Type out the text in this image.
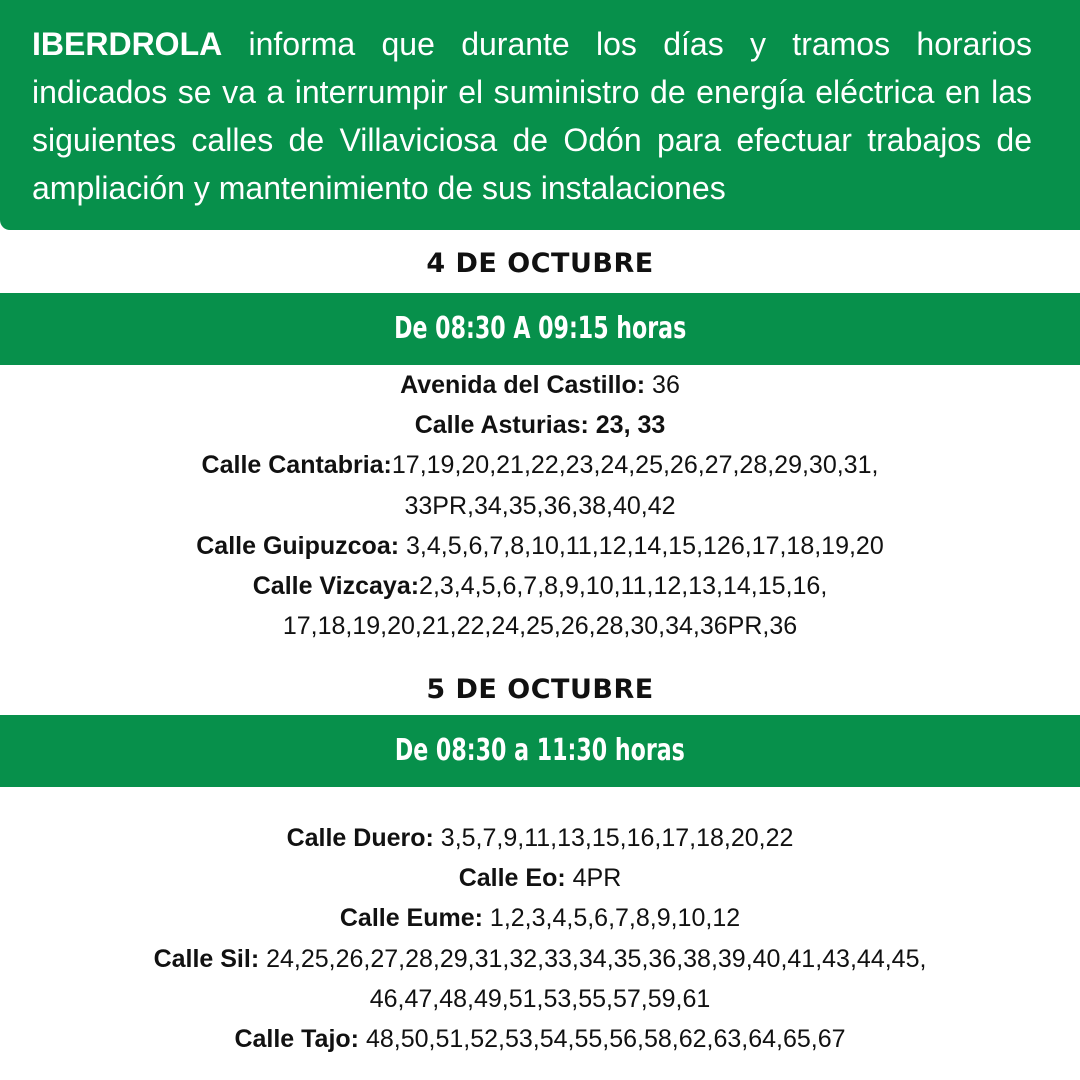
IBERDROLA informa que durante los días y tramos horarios indicados se va a interrumpir el suministro de energía eléctrica en las siguientes calles de Villaviciosa de Odón para efectuar trabajos de ampliación y mantenimiento de sus instalaciones

4 DE OCTUBRE
De 08:30 A 09:15 horas
Avenida del Castillo: 36
Calle Asturias: 23, 33
Calle Cantabria:17,19,20,21,22,23,24,25,26,27,28,29,30,31,
33PR,34,35,36,38,40,42
Calle Guipuzcoa: 3,4,5,6,7,8,10,11,12,14,15,126,17,18,19,20
Calle Vizcaya:2,3,4,5,6,7,8,9,10,11,12,13,14,15,16,
17,18,19,20,21,22,24,25,26,28,30,34,36PR,36
5 DE OCTUBRE
De 08:30 a 11:30 horas
Calle Duero: 3,5,7,9,11,13,15,16,17,18,20,22
Calle Eo: 4PR
Calle Eume: 1,2,3,4,5,6,7,8,9,10,12
Calle Sil: 24,25,26,27,28,29,31,32,33,34,35,36,38,39,40,41,43,44,45,
46,47,48,49,51,53,55,57,59,61
Calle Tajo: 48,50,51,52,53,54,55,56,58,62,63,64,65,67
